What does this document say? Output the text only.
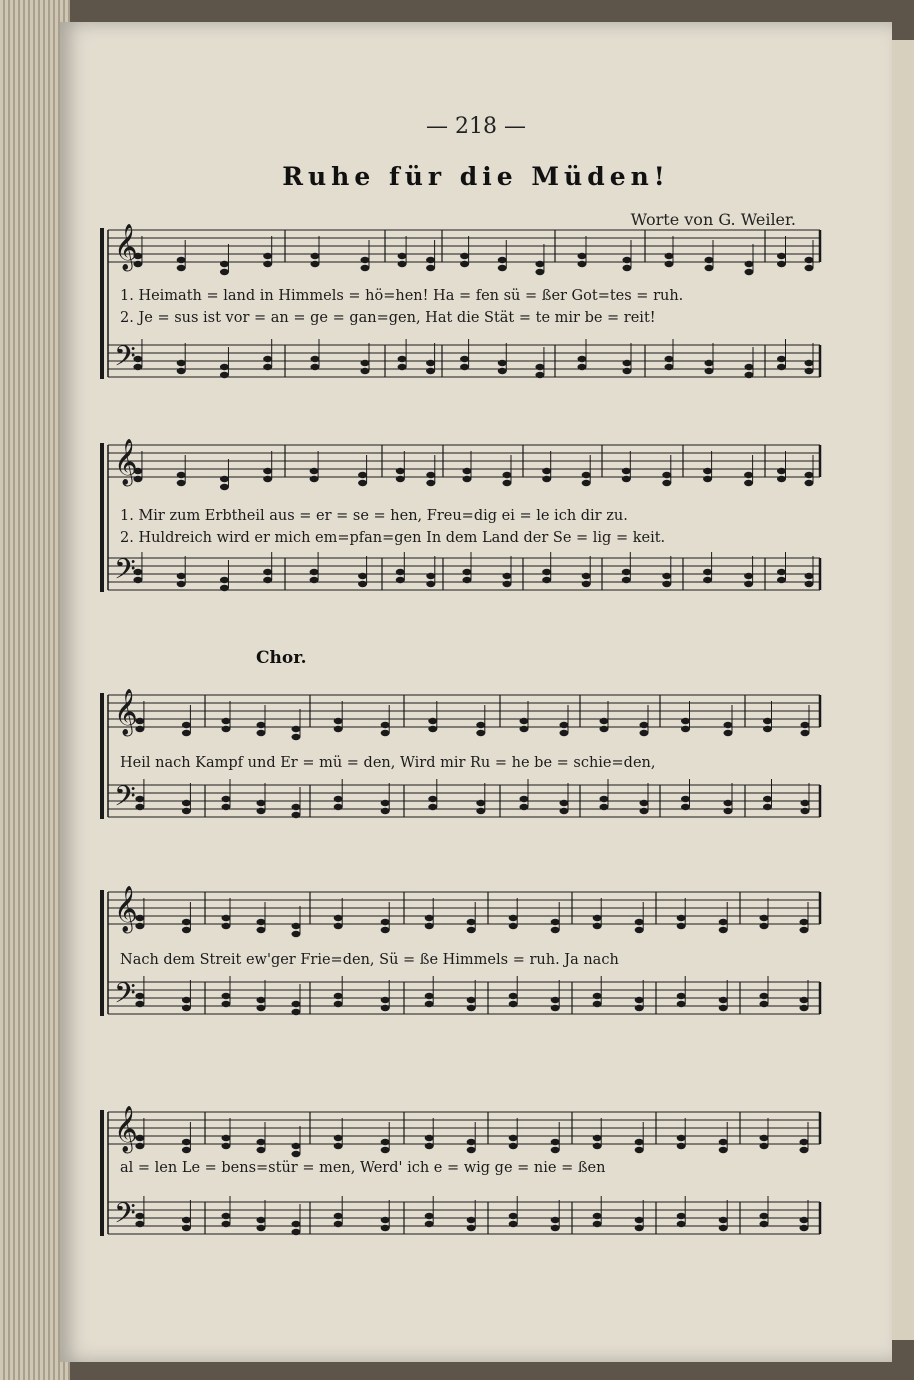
— 218 —
Ruhe für die Müden!
Worte von G. Weiler.
𝄞
𝄢
1. Heimath = land in Himmels = hö=hen! Ha = fen sü = ßer Got=tes = ruh.
2. Je = sus ist vor = an = ge = gan=gen, Hat die Stät = te mir be = reit!
𝄞
𝄢
1. Mir zum Erbtheil aus = er = se = hen, Freu=dig ei = le ich dir zu.
2. Huldreich wird er mich em=pfan=gen In dem Land der Se = lig = keit.
Chor.
𝄞
𝄢
Heil nach Kampf und Er = mü = den, Wird mir Ru = he be = schie=den,
𝄞
𝄢
Nach dem Streit ew'ger Frie=den, Sü = ße Himmels = ruh. Ja nach
𝄞
𝄢
al = len Le = bens=stür = men, Werd' ich e = wig ge = nie = ßen
